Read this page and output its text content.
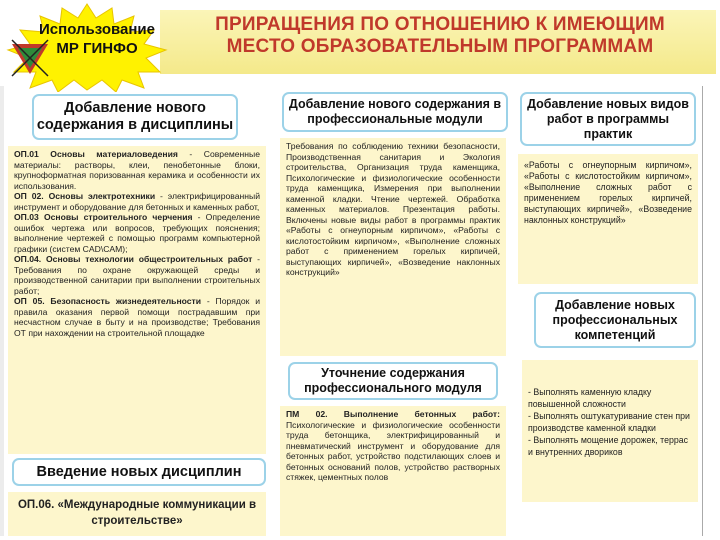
ПРИРАЩЕНИЯ ПО ОТНОШЕНИЮ К ИМЕЮЩИМ
МЕСТО ОБРАЗОВАТЕЛЬНЫМ ПРОГРАММАМ
Использование
МР ГИНФО
Добавление нового содержания в дисциплины
ОП.01 Основы материаловедения - Современные материалы: растворы, клеи, пенобетонные блоки, крупноформатная поризованная керамика и особенности их использования.
ОП 02. Основы электротехники - электрифицированный инструмент и оборудование для бетонных и каменных работ,
ОП.03 Основы строительного черчения - Определение ошибок чертежа или вопросов, требующих пояснения; выполнение чертежей с помощью программ компьютерной графики (систем CAD\CAM);
ОП.04. Основы технологии общестроительных работ - Требования по охране окружающей среды и производственной санитарии при выполнении строительных работ;
ОП 05. Безопасность жизнедеятельности - Порядок и правила оказания первой помощи пострадавшим при несчастном случае в быту и на производстве; Требования ОТ при нахождении на строительной площадке
Введение новых дисциплин
ОП.06. «Международные коммуникации в строительстве»
Добавление нового содержания в профессиональные модули
Требования по соблюдению техники безопасности, Производственная санитария и Экология строительства, Организация труда каменщика, Психологические и физиологические особенности труда каменщика, Измерения при выполнении каменной кладки. Чтение чертежей. Обработка каменных материалов. Презентация работы. Включены новые виды работ в программы практик «Работы с огнеупорным кирпичом», «Работы с кислотостойким кирпичом», «Выполнение сложных работ с применением горелых кирпичей, выступающих кирпичей», «Возведение наклонных конструкций»
Уточнение содержания профессионального модуля
ПМ 02. Выполнение бетонных работ: Психологические и физиологические особенности труда бетонщика, электрифицированный и пневматический инструмент и оборудование для бетонных работ, устройство подстилающих слоев и бетонных оснований полов, устройство растворных стяжек, цементных полов
Добавление новых видов работ в программы практик
«Работы с огнеупорным кирпичом», «Работы с кислотостойким кирпичом», «Выполнение сложных работ с применением горелых кирпичей, выступающих кирпичей», «Возведение наклонных конструкций»
Добавление новых профессиональных компетенций
- Выполнять каменную кладку повышенной сложности
- Выполнять оштукатуривание стен при производстве каменной кладки
- Выполнять мощение дорожек, террас и внутренних двориков
